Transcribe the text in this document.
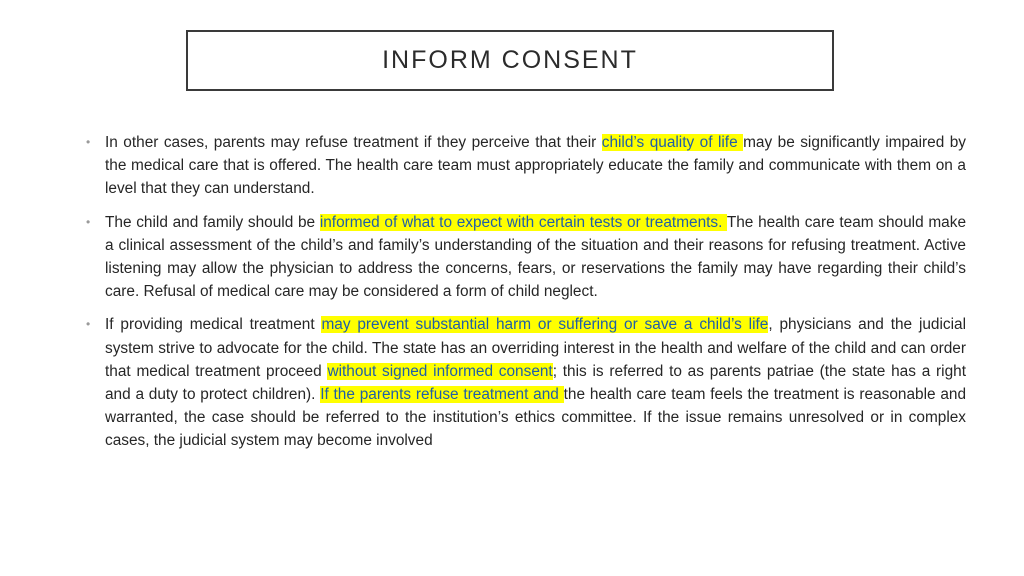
INFORM CONSENT
• In other cases, parents may refuse treatment if they perceive that their child’s quality of life may be significantly impaired by the medical care that is offered. The health care team must appropriately educate the family and communicate with them on a level that they can understand.
• The child and family should be informed of what to expect with certain tests or treatments. The health care team should make a clinical assessment of the child’s and family’s understanding of the situation and their reasons for refusing treatment. Active listening may allow the physician to address the concerns, fears, or reservations the family may have regarding their child’s care. Refusal of medical care may be considered a form of child neglect.
• If providing medical treatment may prevent substantial harm or suffering or save a child’s life, physicians and the judicial system strive to advocate for the child. The state has an overriding interest in the health and welfare of the child and can order that medical treatment proceed without signed informed consent; this is referred to as parents patriae (the state has a right and a duty to protect children). If the parents refuse treatment and the health care team feels the treatment is reasonable and warranted, the case should be referred to the institution’s ethics committee. If the issue remains unresolved or in complex cases, the judicial system may become involved
